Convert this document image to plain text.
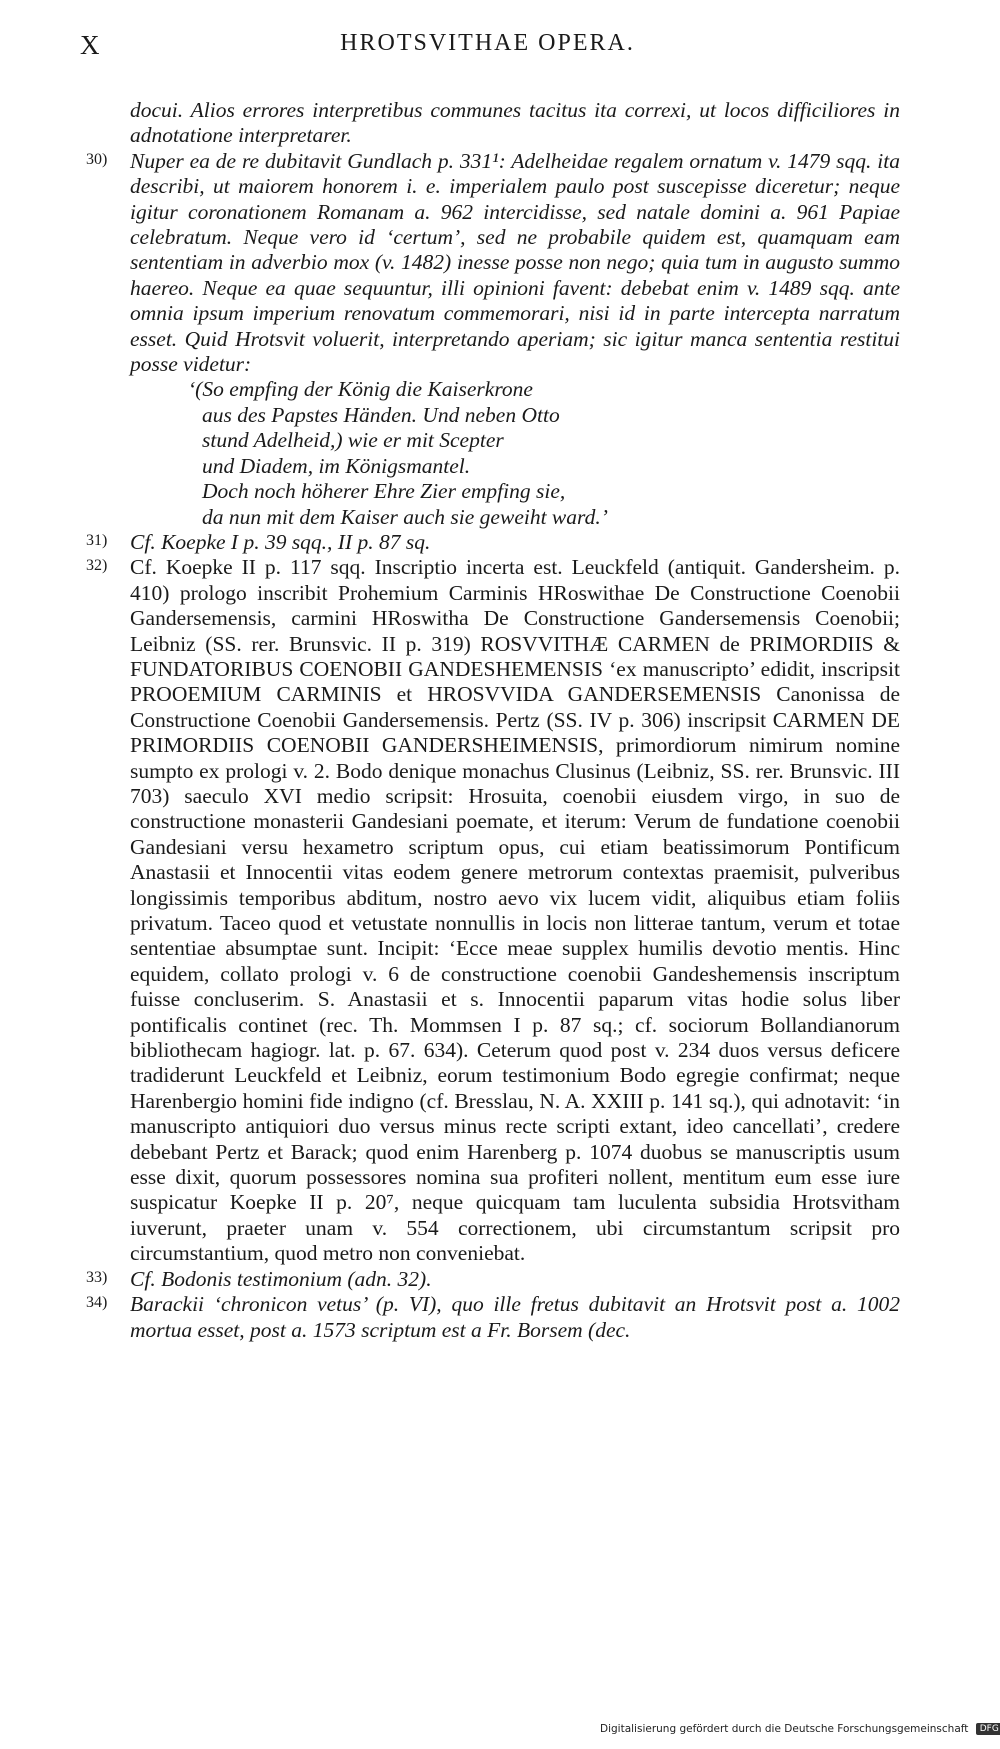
X	HROTSVITHAE OPERA.
docui. Alios errores interpretibus communes tacitus ita correxi, ut locos difficiliores in adnotatione interpretarer.
30) Nuper ea de re dubitavit Gundlach p. 331¹: Adelheidae regalem ornatum v. 1479 sqq. ita describi, ut maiorem honorem i. e. imperialem paulo post suscepisse diceretur; neque igitur coronationem Romanam a. 962 intercidisse, sed natale domini a. 961 Papiae celebratum. Neque vero id ‘certum’, sed ne probabile quidem est, quamquam eam sententiam in adverbio mox (v. 1482) inesse posse non nego; quia tum in augusto summo haereo. Neque ea quae sequuntur, illi opinioni favent: debebat enim v. 1489 sqq. ante omnia ipsum imperium renovatum commemorari, nisi id in parte intercepta narratum esset. Quid Hrotsvit voluerit, interpretando aperiam; sic igitur manca sententia restitui posse videtur:

‘(So empfing der König die Kaiserkrone
aus des Papstes Händen. Und neben Otto
stund Adelheid,) wie er mit Scepter
und Diadem, im Königsmantel.
Doch noch höherer Ehre Zier empfing sie,
da nun mit dem Kaiser auch sie geweiht ward.’
31) Cf. Koepke I p. 39 sqq., II p. 87 sq.

32) Cf. Koepke II p. 117 sqq. Inscriptio incerta est. Leuckfeld (antiquit. Gandersheim. p. 410) prologo inscribit Prohemium Carminis HRoswithae De Constructione Coenobii Gandersemensis, carmini HRoswitha De Constructione Gandersemensis Coenobii; Leibniz (SS. rer. Brunsvic. II p. 319) ROSVVITHÆ CARMEN de PRIMORDIIS & FUNDATORIBUS COENOBII GANDESHEMENSIS ‘ex manuscripto’ edidit, inscripsit PROOEMIUM CARMINIS et HROSVVIDA GANDERSEMENSIS Canonissa de Constructione Coenobii Gandersemensis. Pertz (SS. IV p. 306) inscripsit CARMEN DE PRIMORDIIS COENOBII GANDERSHEIMENSIS, primordiorum nimirum nomine sumpto ex prologi v. 2. Bodo denique monachus Clusinus (Leibniz, SS. rer. Brunsvic. III 703) saeculo XVI medio scripsit: Hrosuita, coenobii eiusdem virgo, in suo de constructione monasterii Gandesiani poemate, et iterum: Verum de fundatione coenobii Gandesiani versu hexametro scriptum opus, cui etiam beatissimorum Pontificum Anastasii et Innocentii vitas eodem genere metrorum contextas praemisit, pulveribus longissimis temporibus abditum, nostro aevo vix lucem vidit, aliquibus etiam foliis privatum. Taceo quod et vetustate nonnullis in locis non litterae tantum, verum et totae sententiae absumptae sunt. Incipit: ‘Ecce meae supplex humilis devotio mentis. Hinc equidem, collato prologi v. 6 de constructione coenobii Gandeshemensis inscriptum fuisse concluserim. S. Anastasii et s. Innocentii paparum vitas hodie solus liber pontificalis continet (rec. Th. Mommsen I p. 87 sq.; cf. sociorum Bollandianorum bibliothecam hagiogr. lat. p. 67. 634). Ceterum quod post v. 234 duos versus deficere tradiderunt Leuckfeld et Leibniz, eorum testimonium Bodo egregie confirmat; neque Harenbergio homini fide indigno (cf. Bresslau, N. A. XXIII p. 141 sq.), qui adnotavit: ‘in manuscripto antiquiori duo versus minus recte scripti extant, ideo cancellati’, credere debebant Pertz et Barack; quod enim Harenberg p. 1074 duobus se manuscriptis usum esse dixit, quorum possessores nomina sua profiteri nollent, mentitum eum esse iure suspicatur Koepke II p. 20⁷, neque quicquam tam luculenta subsidia Hrotsvitham iuverunt, praeter unam v. 554 correctionem, ubi circumstantum scripsit pro circumstantium, quod metro non conveniebat.

33) Cf. Bodonis testimonium (adn. 32).

34) Barackii ‘chronicon vetus’ (p. VI), quo ille fretus dubitavit an Hrotsvit post a. 1002 mortua esset, post a. 1573 scriptum est a Fr. Borsem (dec.

Digitalisierung gefördert durch die Deutsche Forschungsgemeinschaft DFG
